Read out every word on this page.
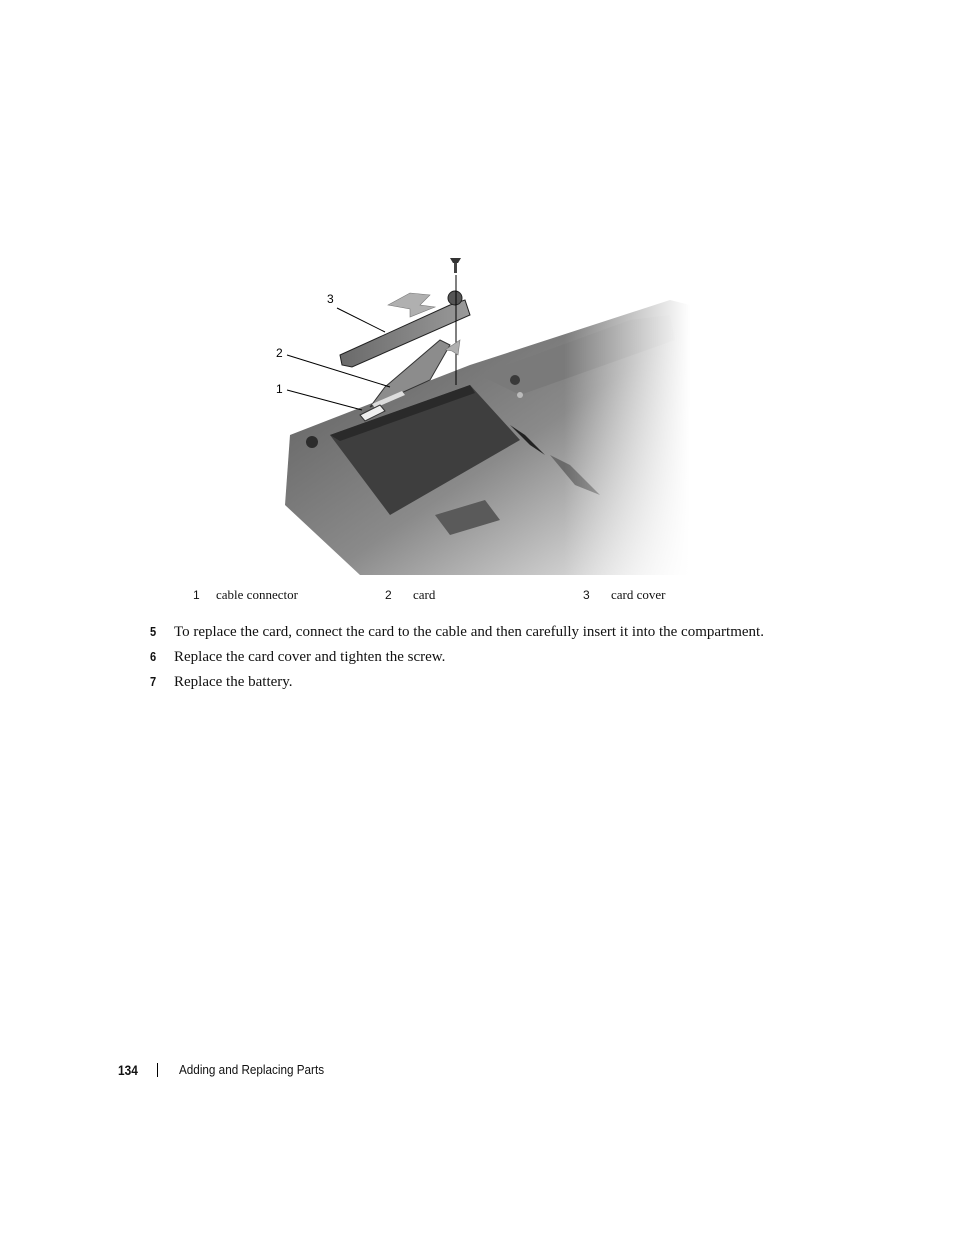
3
2
1
1 cable connector	2 card	3 card cover
5 To replace the card, connect the card to the cable and then carefully insert it into the compartment.
6 Replace the card cover and tighten the screw.
7 Replace the battery.
134	Adding and Replacing Parts
